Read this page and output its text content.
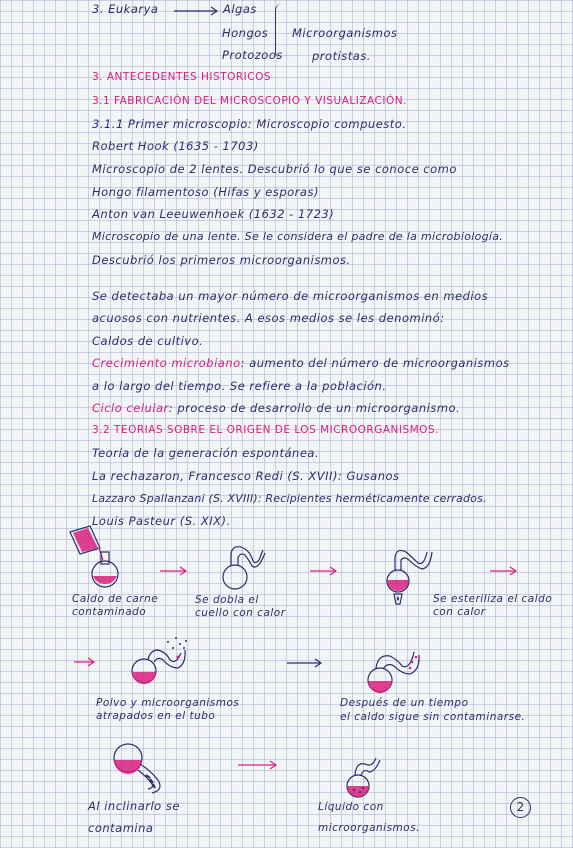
3. Eukarya	Algas
Hongos
Protozoos
Microorganismos
protistas.
3. ANTECEDENTES HISTORICOS
3.1 FABRICACIÓN DEL MICROSCOPIO Y VISUALIZACIÓN.
3.1.1 Primer microscopio: Microscopio compuesto.
Robert Hook (1635 - 1703)
Microscopio de 2 lentes. Descubrió lo que se conoce como
Hongo filamentoso (Hifas y esporas)
Anton van Leeuwenhoek (1632 - 1723)
Microscopio de una lente. Se le considera el padre de la microbiología.
Descubrió los primeros microorganismos.
Se detectaba un mayor número de microorganismos en medios
acuosos con nutrientes. A esos medios se les denominó:
Caldos de cultivo.
Crecimiento microbiano: aumento del número de microorganismos
a lo largo del tiempo. Se refiere a la población.
Ciclo celular: proceso de desarrollo de un microorganismo.
3.2 TEORIAS SOBRE EL ORIGEN DE LOS MICROORGANISMOS.
Teoría de la generación espontánea.
La rechazaron, Francesco Redi (S. XVII): Gusanos
Lazzaro Spallanzani (S. XVIII): Recipientes herméticamente cerrados.
Louis Pasteur (S. XIX).
Caldo de carne
contaminado
Se dobla el
cuello con calor
Se esteriliza el caldo
con calor
Polvo y microorganismos
atrapados en el tubo
Después de un tiempo
el caldo sigue sin contaminarse.
Al inclinarlo se
contamina
Líquido con
microorganismos.
2
